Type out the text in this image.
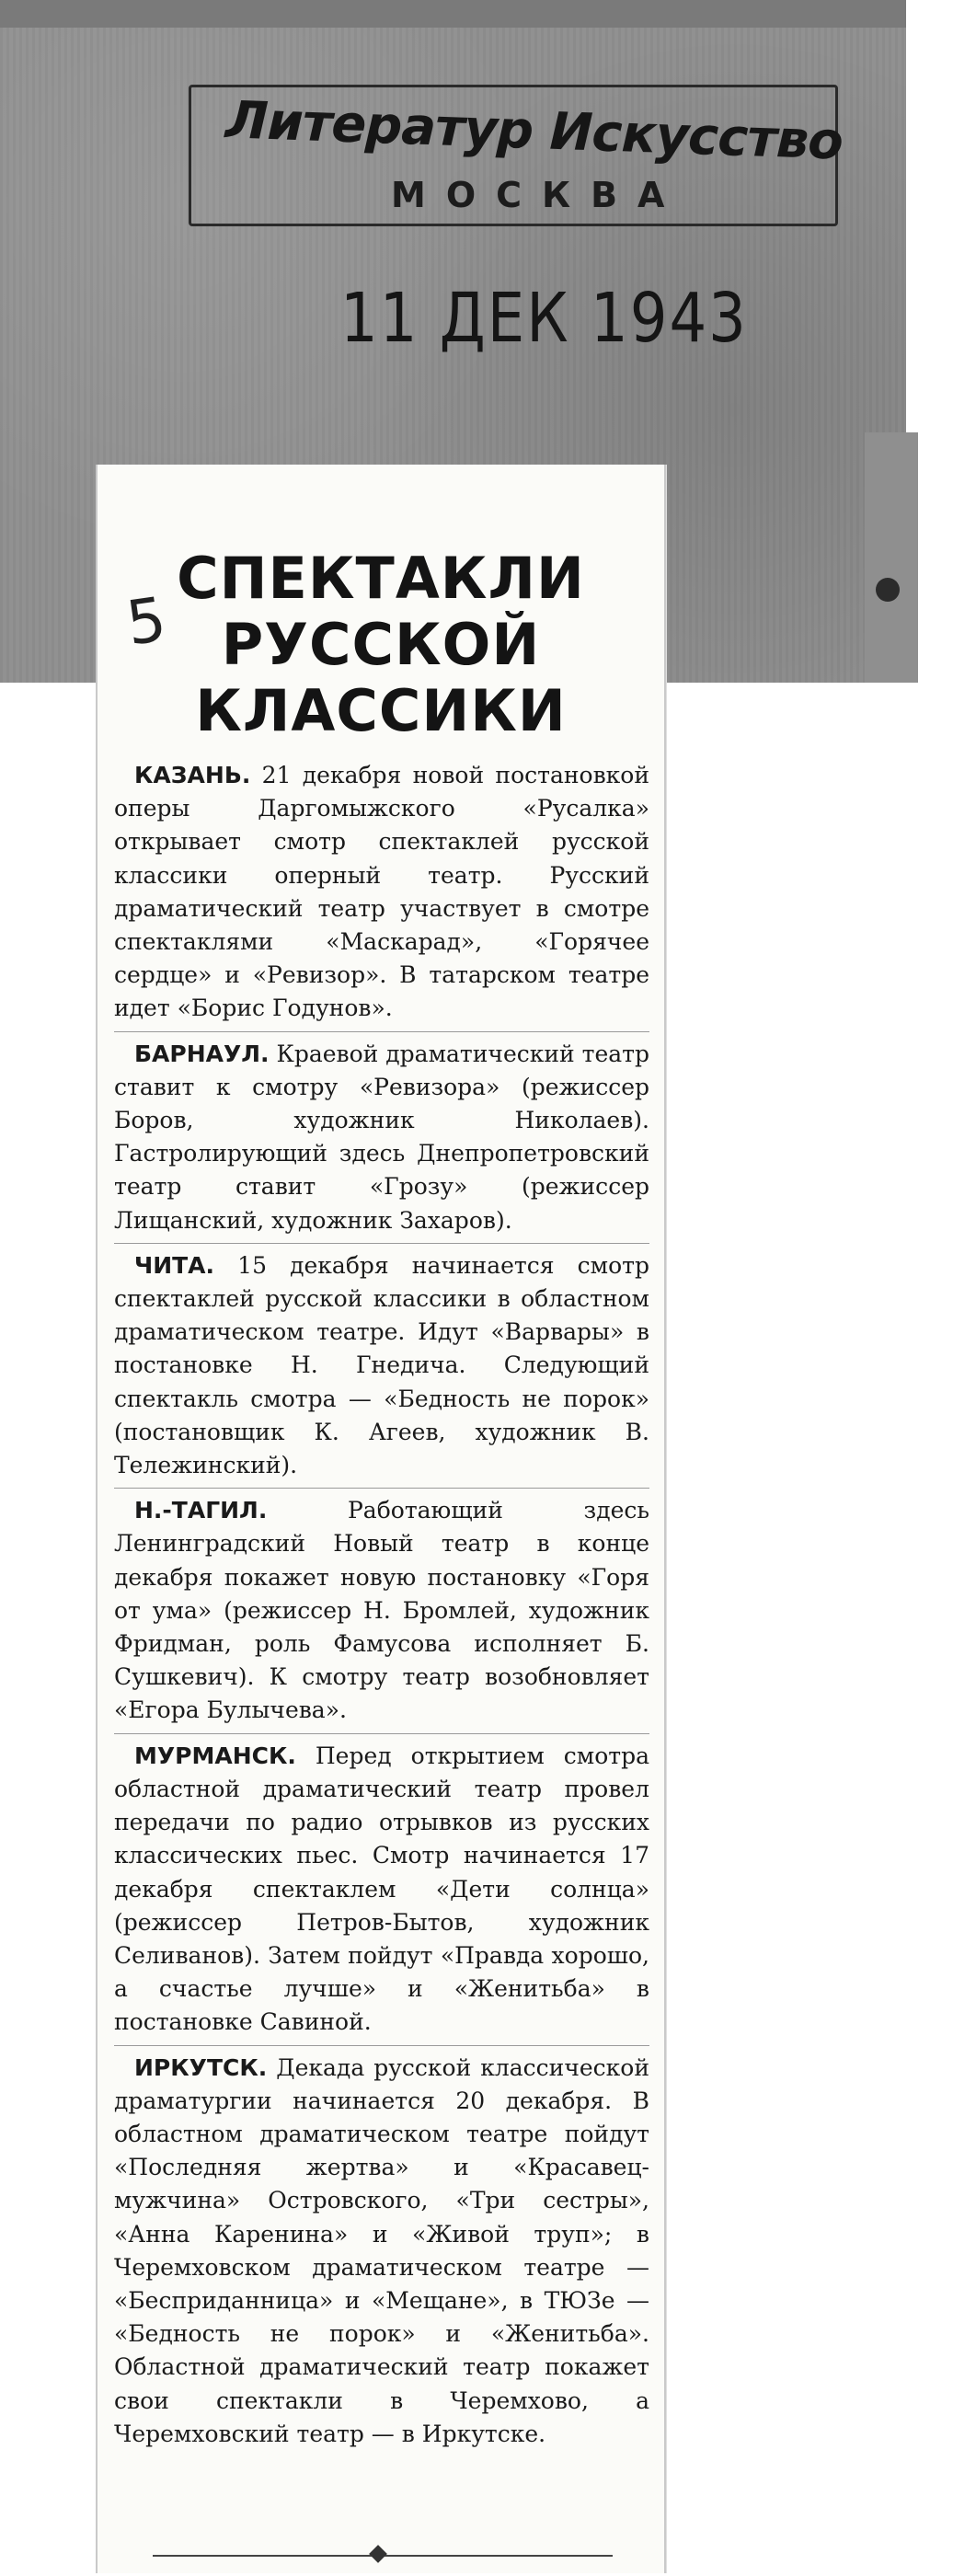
Литератур Искусство
МОСКВА
11 ДЕК 1943
5
СПЕКТАКЛИ
РУССКОЙ
КЛАССИКИ

КАЗАНЬ. 21 декабря новой постановкой оперы Даргомыжского «Русалка» открывает смотр спектаклей русской классики оперный театр. Русский драматический театр участвует в смотре спектаклями «Маскарад», «Горячее сердце» и «Ревизор». В татарском театре идет «Борис Годунов».

БАРНАУЛ. Краевой драматический театр ставит к смотру «Ревизора» (режиссер Боров, художник Николаев). Гастролирующий здесь Днепропетровский театр ставит «Грозу» (режиссер Лищанский, художник Захаров).

ЧИТА. 15 декабря начинается смотр спектаклей русской классики в областном драматическом театре. Идут «Варвары» в постановке Н. Гнедича. Следующий спектакль смотра — «Бедность не порок» (постановщик К. Агеев, художник В. Тележинский).

Н.-ТАГИЛ. Работающий здесь Ленинградский Новый театр в конце декабря покажет новую постановку «Горя от ума» (режиссер Н. Бромлей, художник Фридман, роль Фамусова исполняет Б. Сушкевич). К смотру театр возобновляет «Егора Булычева».

МУРМАНСК. Перед открытием смотра областной драматический театр провел передачи по радио отрывков из русских классических пьес. Смотр начинается 17 декабря спектаклем «Дети солнца» (режиссер Петров-Бытов, художник Селиванов). Затем пойдут «Правда хорошо, а счастье лучше» и «Женитьба» в постановке Савиной.

ИРКУТСК. Декада русской классической драматургии начинается 20 декабря. В областном драматическом театре пойдут «Последняя жертва» и «Красавец-мужчина» Островского, «Три сестры», «Анна Каренина» и «Живой труп»; в Черемховском драматическом театре — «Бесприданница» и «Мещане», в ТЮЗе — «Бедность не порок» и «Женитьба». Областной драматический театр покажет свои спектакли в Черемхово, а Черемховский театр — в Иркутске.
